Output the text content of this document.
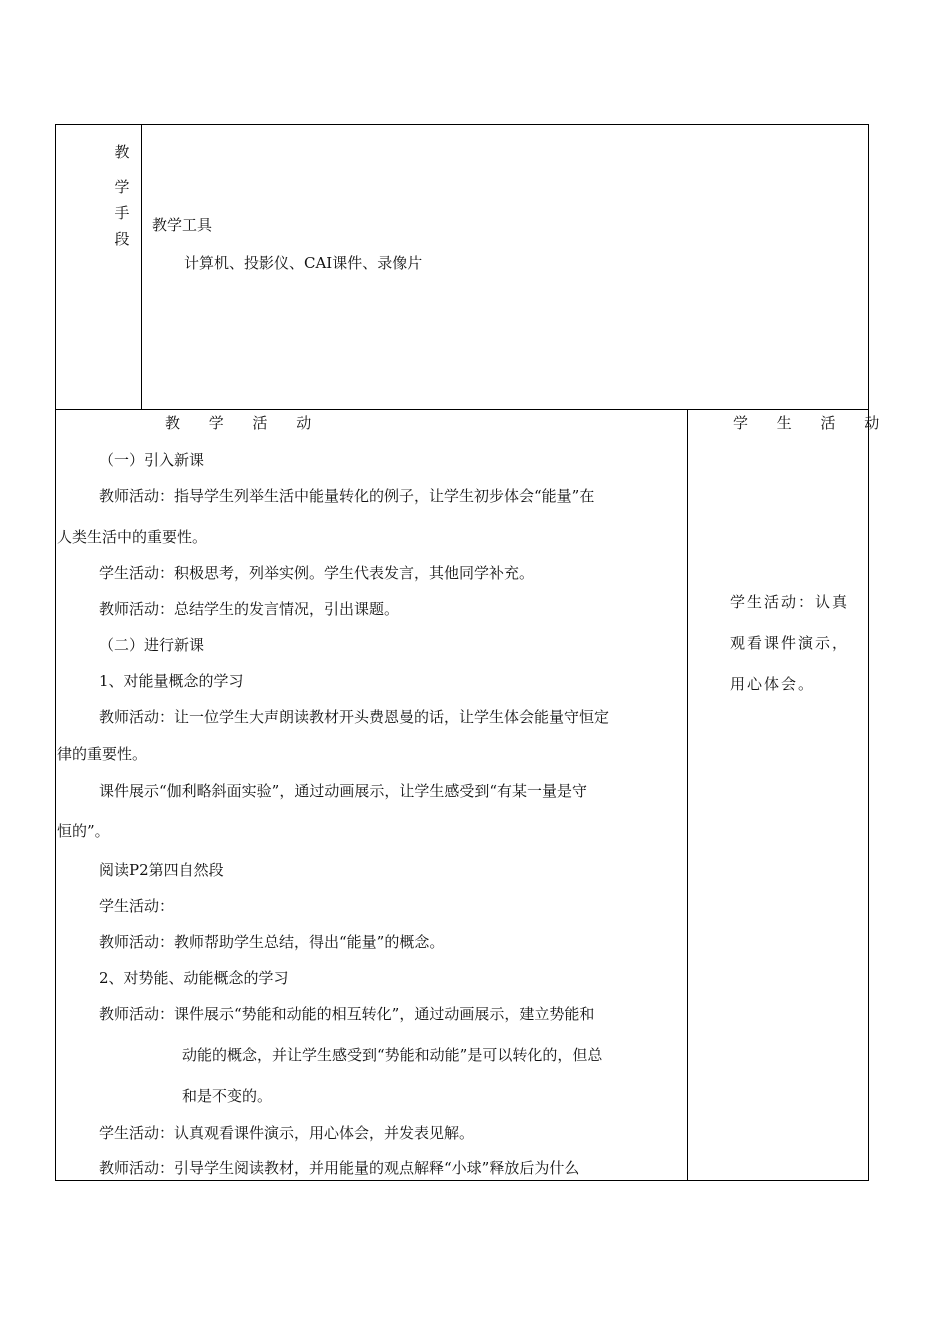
教
学
手
段
教学工具
计算机、投影仪、CAI课件、录像片
教 学 活 动	学 生 活 动
（一）引入新课
教师活动：指导学生列举生活中能量转化的例子，让学生初步体会“能量”在
人类生活中的重要性。
学生活动：积极思考，列举实例。学生代表发言，其他同学补充。
教师活动：总结学生的发言情况，引出课题。
（二）进行新课
1、对能量概念的学习
教师活动：让一位学生大声朗读教材开头费恩曼的话，让学生体会能量守恒定
律的重要性。
课件展示“伽利略斜面实验”，通过动画展示，让学生感受到“有某一量是守
恒的”。
阅读P2第四自然段
学生活动：
教师活动：教师帮助学生总结，得出“能量”的概念。
2、对势能、动能概念的学习
教师活动：课件展示“势能和动能的相互转化”，通过动画展示，建立势能和
动能的概念，并让学生感受到“势能和动能”是可以转化的，但总
和是不变的。
学生活动：认真观看课件演示，用心体会，并发表见解。
教师活动：引导学生阅读教材，并用能量的观点解释“小球”释放后为什么
学生活动：认真观看课件演示，用心体会。
